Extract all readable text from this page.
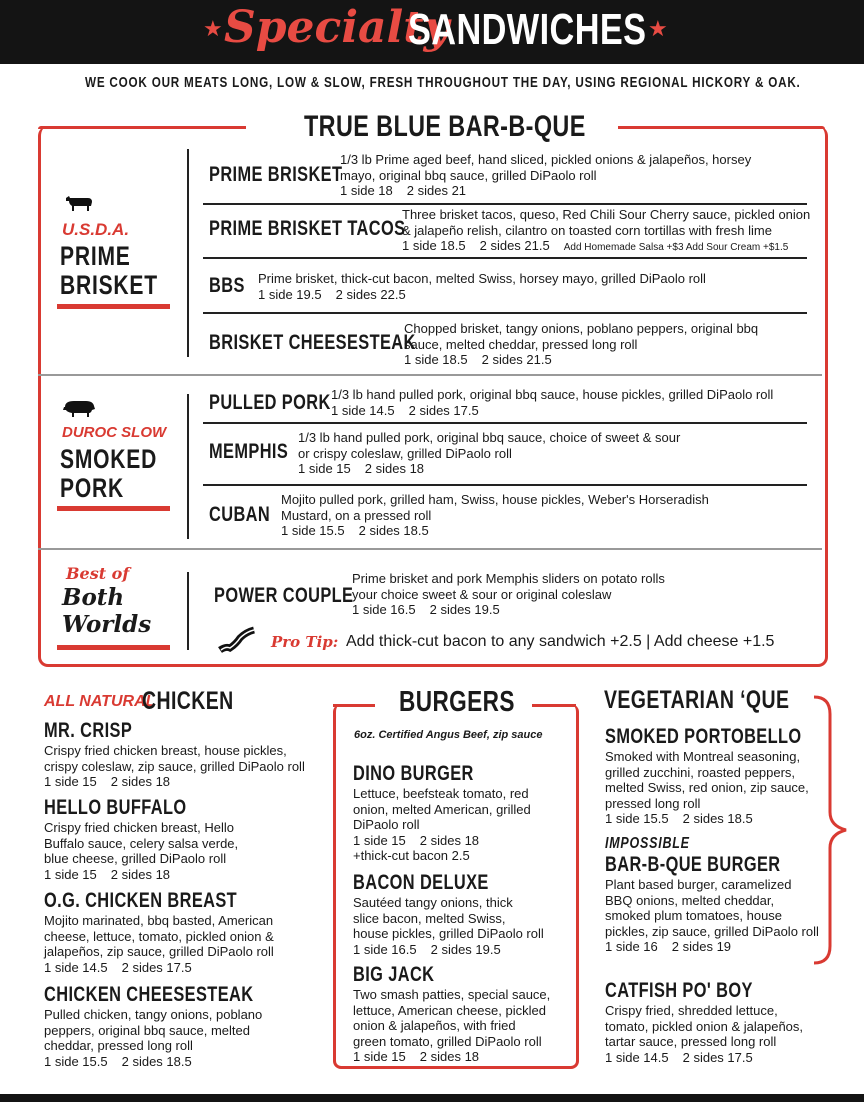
★ Specialty
SANDWICHES ★
WE COOK OUR MEATS LONG, LOW & SLOW, FRESH THROUGHOUT THE DAY, USING REGIONAL HICKORY & OAK.
TRUE BLUE BAR-B-QUE
U.S.D.A.
PRIME
BRISKET
PRIME BRISKET
1/3 lb Prime aged beef, hand sliced, pickled onions & jalapeños, horsey
mayo, original bbq sauce, grilled DiPaolo roll
1 side 18 2 sides 21
PRIME BRISKET TACOS
Three brisket tacos, queso, Red Chili Sour Cherry sauce, pickled onion
& jalapeño relish, cilantro on toasted corn tortillas with fresh lime
1 side 18.5 2 sides 21.5 Add Homemade Salsa +$3 Add Sour Cream +$1.5
BBS Prime brisket, thick-cut bacon, melted Swiss, horsey mayo, grilled DiPaolo roll
1 side 19.5 2 sides 22.5
BRISKET CHEESESTEAK
Chopped brisket, tangy onions, poblano peppers, original bbq
sauce, melted cheddar, pressed long roll
1 side 18.5 2 sides 21.5
DUROC SLOW
SMOKED
PORK
PULLED PORK 1/3 lb hand pulled pork, original bbq sauce, house pickles, grilled DiPaolo roll
1 side 14.5 2 sides 17.5
MEMPHIS
1/3 lb hand pulled pork, original bbq sauce, choice of sweet & sour
or crispy coleslaw, grilled DiPaolo roll
1 side 15 2 sides 18
CUBAN
Mojito pulled pork, grilled ham, Swiss, house pickles, Weber's Horseradish
Mustard, on a pressed roll
1 side 15.5 2 sides 18.5
Best of
Both
Worlds
POWER COUPLE
Prime brisket and pork Memphis sliders on potato rolls
your choice sweet & sour or original coleslaw
1 side 16.5 2 sides 19.5
Pro Tip: Add thick-cut bacon to any sandwich +2.5 | Add cheese +1.5
ALL NATURAL
CHICKEN
MR. CRISP
Crispy fried chicken breast, house pickles,
crispy coleslaw, zip sauce, grilled DiPaolo roll
1 side 15 2 sides 18
HELLO BUFFALO
Crispy fried chicken breast, Hello
Buffalo sauce, celery salsa verde,
blue cheese, grilled DiPaolo roll
1 side 15 2 sides 18
O.G. CHICKEN BREAST
Mojito marinated, bbq basted, American
cheese, lettuce, tomato, pickled onion &
jalapeños, zip sauce, grilled DiPaolo roll
1 side 14.5 2 sides 17.5
CHICKEN CHEESESTEAK
Pulled chicken, tangy onions, poblano
peppers, original bbq sauce, melted
cheddar, pressed long roll
1 side 15.5 2 sides 18.5
BURGERS
6oz. Certified Angus Beef, zip sauce
DINO BURGER
Lettuce, beefsteak tomato, red
onion, melted American, grilled
DiPaolo roll
1 side 15 2 sides 18
+thick-cut bacon 2.5
BACON DELUXE
Sautéed tangy onions, thick
slice bacon, melted Swiss,
house pickles, grilled DiPaolo roll
1 side 16.5 2 sides 19.5
BIG JACK
Two smash patties, special sauce,
lettuce, American cheese, pickled
onion & jalapeños, with fried
green tomato, grilled DiPaolo roll
1 side 15 2 sides 18
VEGETARIAN ‘QUE
SMOKED PORTOBELLO
Smoked with Montreal seasoning,
grilled zucchini, roasted peppers,
melted Swiss, red onion, zip sauce,
pressed long roll
1 side 15.5 2 sides 18.5
IMPOSSIBLE
BAR-B-QUE BURGER
Plant based burger, caramelized
BBQ onions, melted cheddar,
smoked plum tomatoes, house
pickles, zip sauce, grilled DiPaolo roll
1 side 16 2 sides 19
CATFISH PO' BOY
Crispy fried, shredded lettuce,
tomato, pickled onion & jalapeños,
tartar sauce, pressed long roll
1 side 14.5 2 sides 17.5
